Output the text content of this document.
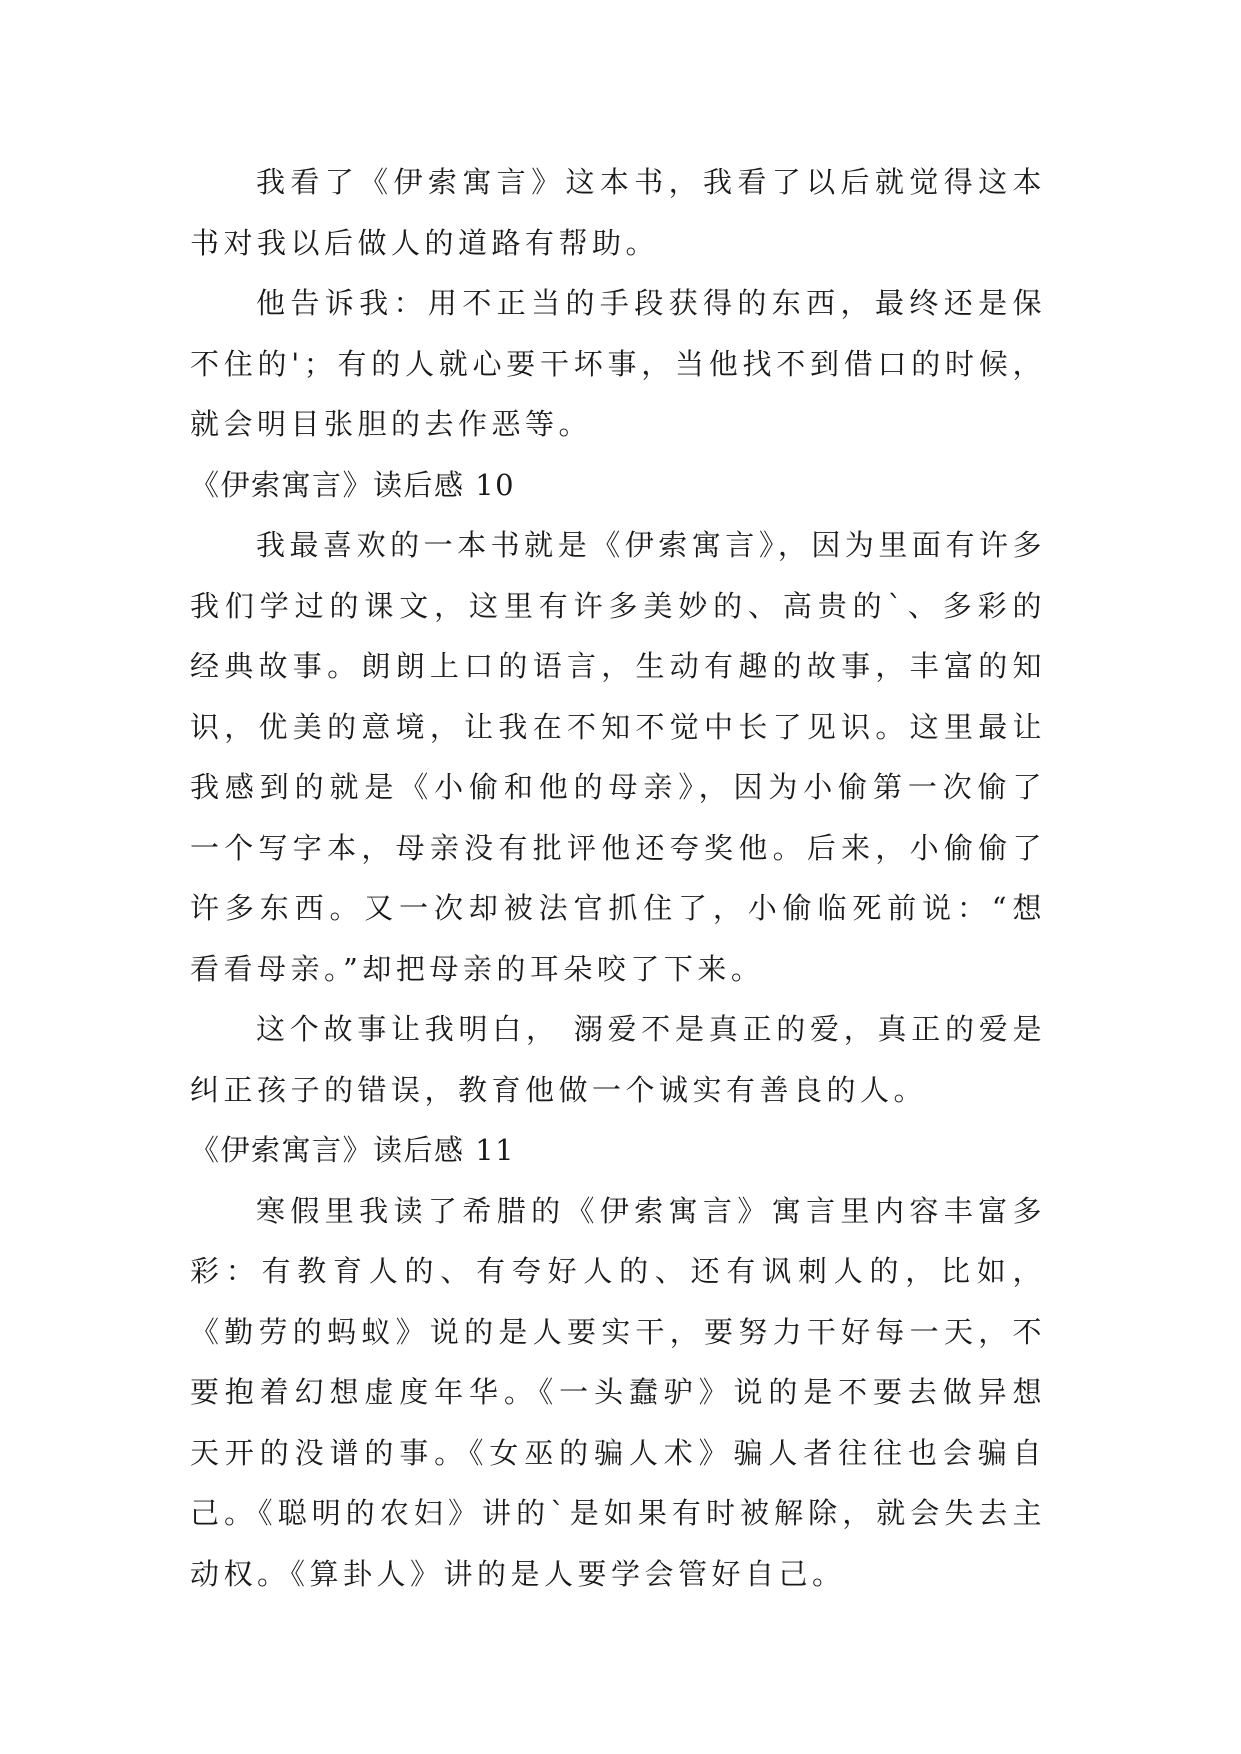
我看了《伊索寓言》这本书，我看了以后就觉得这本书对我以后做人的道路有帮助。

他告诉我：用不正当的手段获得的东西，最终还是保不住的'；有的人就心要干坏事，当他找不到借口的时候，就会明目张胆的去作恶等。

《伊索寓言》读后感 10

我最喜欢的一本书就是《伊索寓言》，因为里面有许多我们学过的课文，这里有许多美妙的、高贵的`、多彩的经典故事。朗朗上口的语言，生动有趣的故事，丰富的知识，优美的意境，让我在不知不觉中长了见识。这里最让我感到的就是《小偷和他的母亲》，因为小偷第一次偷了一个写字本，母亲没有批评他还夸奖他。后来，小偷偷了许多东西。又一次却被法官抓住了，小偷临死前说：“想看看母亲。”却把母亲的耳朵咬了下来。

这个故事让我明白， 溺爱不是真正的爱，真正的爱是纠正孩子的错误，教育他做一个诚实有善良的人。

《伊索寓言》读后感 11

寒假里我读了希腊的《伊索寓言》寓言里内容丰富多彩：有教育人的、有夸好人的、还有讽刺人的，比如，《勤劳的蚂蚁》说的是人要实干，要努力干好每一天，不要抱着幻想虚度年华。《一头蠢驴》说的是不要去做异想天开的没谱的事。《女巫的骗人术》骗人者往往也会骗自己。《聪明的农妇》讲的`是如果有时被解除，就会失去主动权。《算卦人》讲的是人要学会管好自己。
